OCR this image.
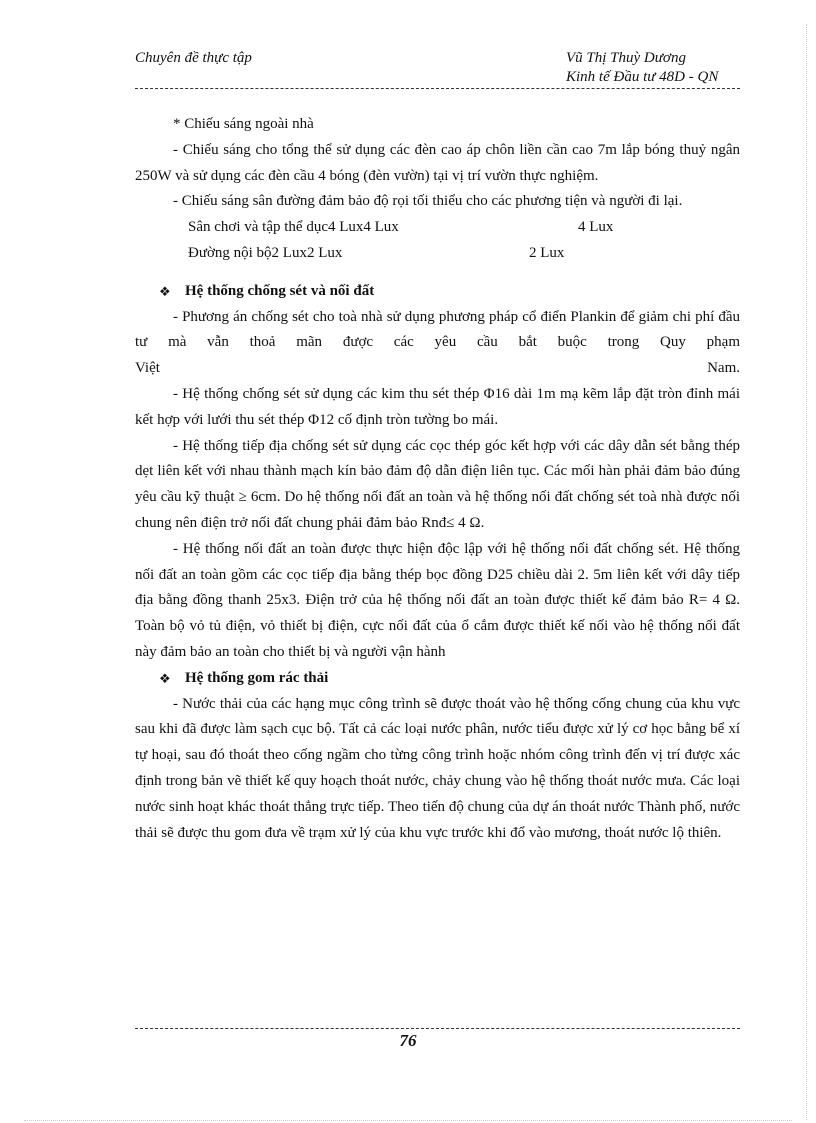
Chuyên đề thực tập	Vũ Thị Thuỳ Dương
Kinh tế Đầu tư 48D - QN

* Chiếu sáng ngoài nhà

- Chiếu sáng cho tổng thể sử dụng các đèn cao áp chôn liền cần cao 7m lắp bóng thuỷ ngân 250W và sử dụng các đèn cầu 4 bóng (đèn vườn) tại vị trí vườn thực nghiệm.

- Chiếu sáng sân đường đảm bảo độ rọi tối thiểu cho các phương tiện và người đi lại.

Sân chơi và tập thể dục4 Lux4 Lux	4 Lux
Đường nội bộ2 Lux2 Lux	2 Lux

❖ Hệ thống chống sét và nối đất

- Phương án chống sét cho toà nhà sử dụng phương pháp cổ điển Plankin để giảm chi phí đầu tư mà vẫn thoả mãn được các yêu cầu bắt buộc trong Quy phạm

Việt Nam.

- Hệ thống chống sét sử dụng các kim thu sét thép Φ16 dài 1m mạ kẽm lắp đặt tròn đỉnh mái kết hợp với lưới thu sét thép Φ12 cố định tròn tường bo mái.

- Hệ thống tiếp địa chống sét sử dụng các cọc thép góc kết hợp với các dây dẫn sét bằng thép dẹt liên kết với nhau thành mạch kín bảo đảm độ dẫn điện liên tục. Các mối hàn phải đảm bảo đúng yêu cầu kỹ thuật ≥ 6cm. Do hệ thống nối đất an toàn và hệ thống nối đất chống sét toà nhà được nối chung nên điện trở nối đất chung phải đảm bảo Rnđ≤ 4 Ω.

- Hệ thống nối đất an toàn được thực hiện độc lập với hệ thống nối đất chống sét. Hệ thống nối đất an toàn gồm các cọc tiếp địa bằng thép bọc đồng D25 chiều dài 2. 5m liên kết với dây tiếp địa bằng đồng thanh 25x3. Điện trở của hệ thống nối đất an toàn được thiết kế đảm bảo R= 4 Ω. Toàn bộ vỏ tủ điện, vỏ thiết bị điện, cực nối đất của ổ cắm được thiết kế nối vào hệ thống nối đất này đảm bảo an toàn cho thiết bị và người vận hành

❖ Hệ thống gom rác thải

- Nước thải của các hạng mục công trình sẽ được thoát vào hệ thống cống chung của khu vực sau khi đã được làm sạch cục bộ. Tất cả các loại nước phân, nước tiểu được xử lý cơ học bằng bể xí tự hoại, sau đó thoát theo cống ngầm cho từng công trình hoặc nhóm công trình đến vị trí được xác định trong bản vẽ thiết kế quy hoạch thoát nước, chảy chung vào hệ thống thoát nước mưa. Các loại nước sinh hoạt khác thoát thẳng trực tiếp. Theo tiến độ chung của dự án thoát nước Thành phố, nước thải sẽ được thu gom đưa về trạm xử lý của khu vực trước khi đổ vào mương, thoát nước lộ thiên.

76
